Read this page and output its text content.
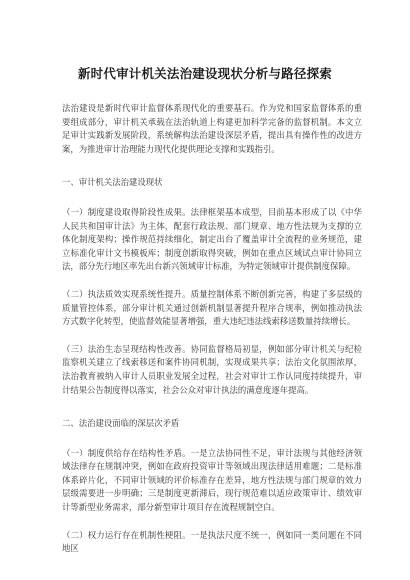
新时代审计机关法治建设现状分析与路径探索

法治建设是新时代审计监督体系现代化的重要基石。作为党和国家监督体系的重要组成部分，审计机关承载在法治轨道上构建更加科学完备的监督机制。本文立足审计实践新发展阶段，系统解构法治建设深层矛盾，提出具有操作性的改进方案，为推进审计治理能力现代化提供理论支撑和实践指引。

一、审计机关法治建设现状

（一）制度建设取得阶段性成果。法律框架基本成型，目前基本形成了以《中华人民共和国审计法》为主体，配套行政法规、部门规章、地方性法规为支撑的立体化制度架构；操作规范持续细化，制定出台了覆盖审计全流程的业务规范，建立标准化审计文书模板库；制度创新取得突破，例如在重点区域试点审计协同立法，部分先行地区率先出台新兴领域审计标准，为特定领域审计提供制度保障。

（二）执法质效实现系统性提升。质量控制体系不断创新完善，构建了多层级的质量管控体系，部分审计机关通过创新机制显著提升程序合规率，例如推动执法方式数字化转型，使监督效能显著增强，重大违纪违法线索移送数量持续增长。

（三）法治生态呈现结构性改善。协同监督格局初显，例如部分审计机关与纪检监察机关建立了线索移送和案件协同机制，实现成果共享；法治文化氛围浓厚，法治教育被纳入审计人员职业发展全过程，社会对审计工作认同度持续提升，审计结果公告制度得以落实，社会公众对审计执法的满意度逐年提高。

二、法治建设面临的深层次矛盾

（一）制度供给存在结构性矛盾。一是立法协同性不足，审计法规与其他经济领域法律存在规制冲突，例如在政府投资审计等领域出现法律适用难题；二是标准体系碎片化，不同审计领域的评价标准存在差异，地方性法规与部门规章的效力层级需要进一步明确；三是制度更新滞后，现行规范难以适应政策审计、绩效审计等新型业务需求，部分新型审计项目存在流程规制空白。

（二）权力运行存在机制性梗阻。一是执法尺度不统一，例如同一类问题在不同地区
